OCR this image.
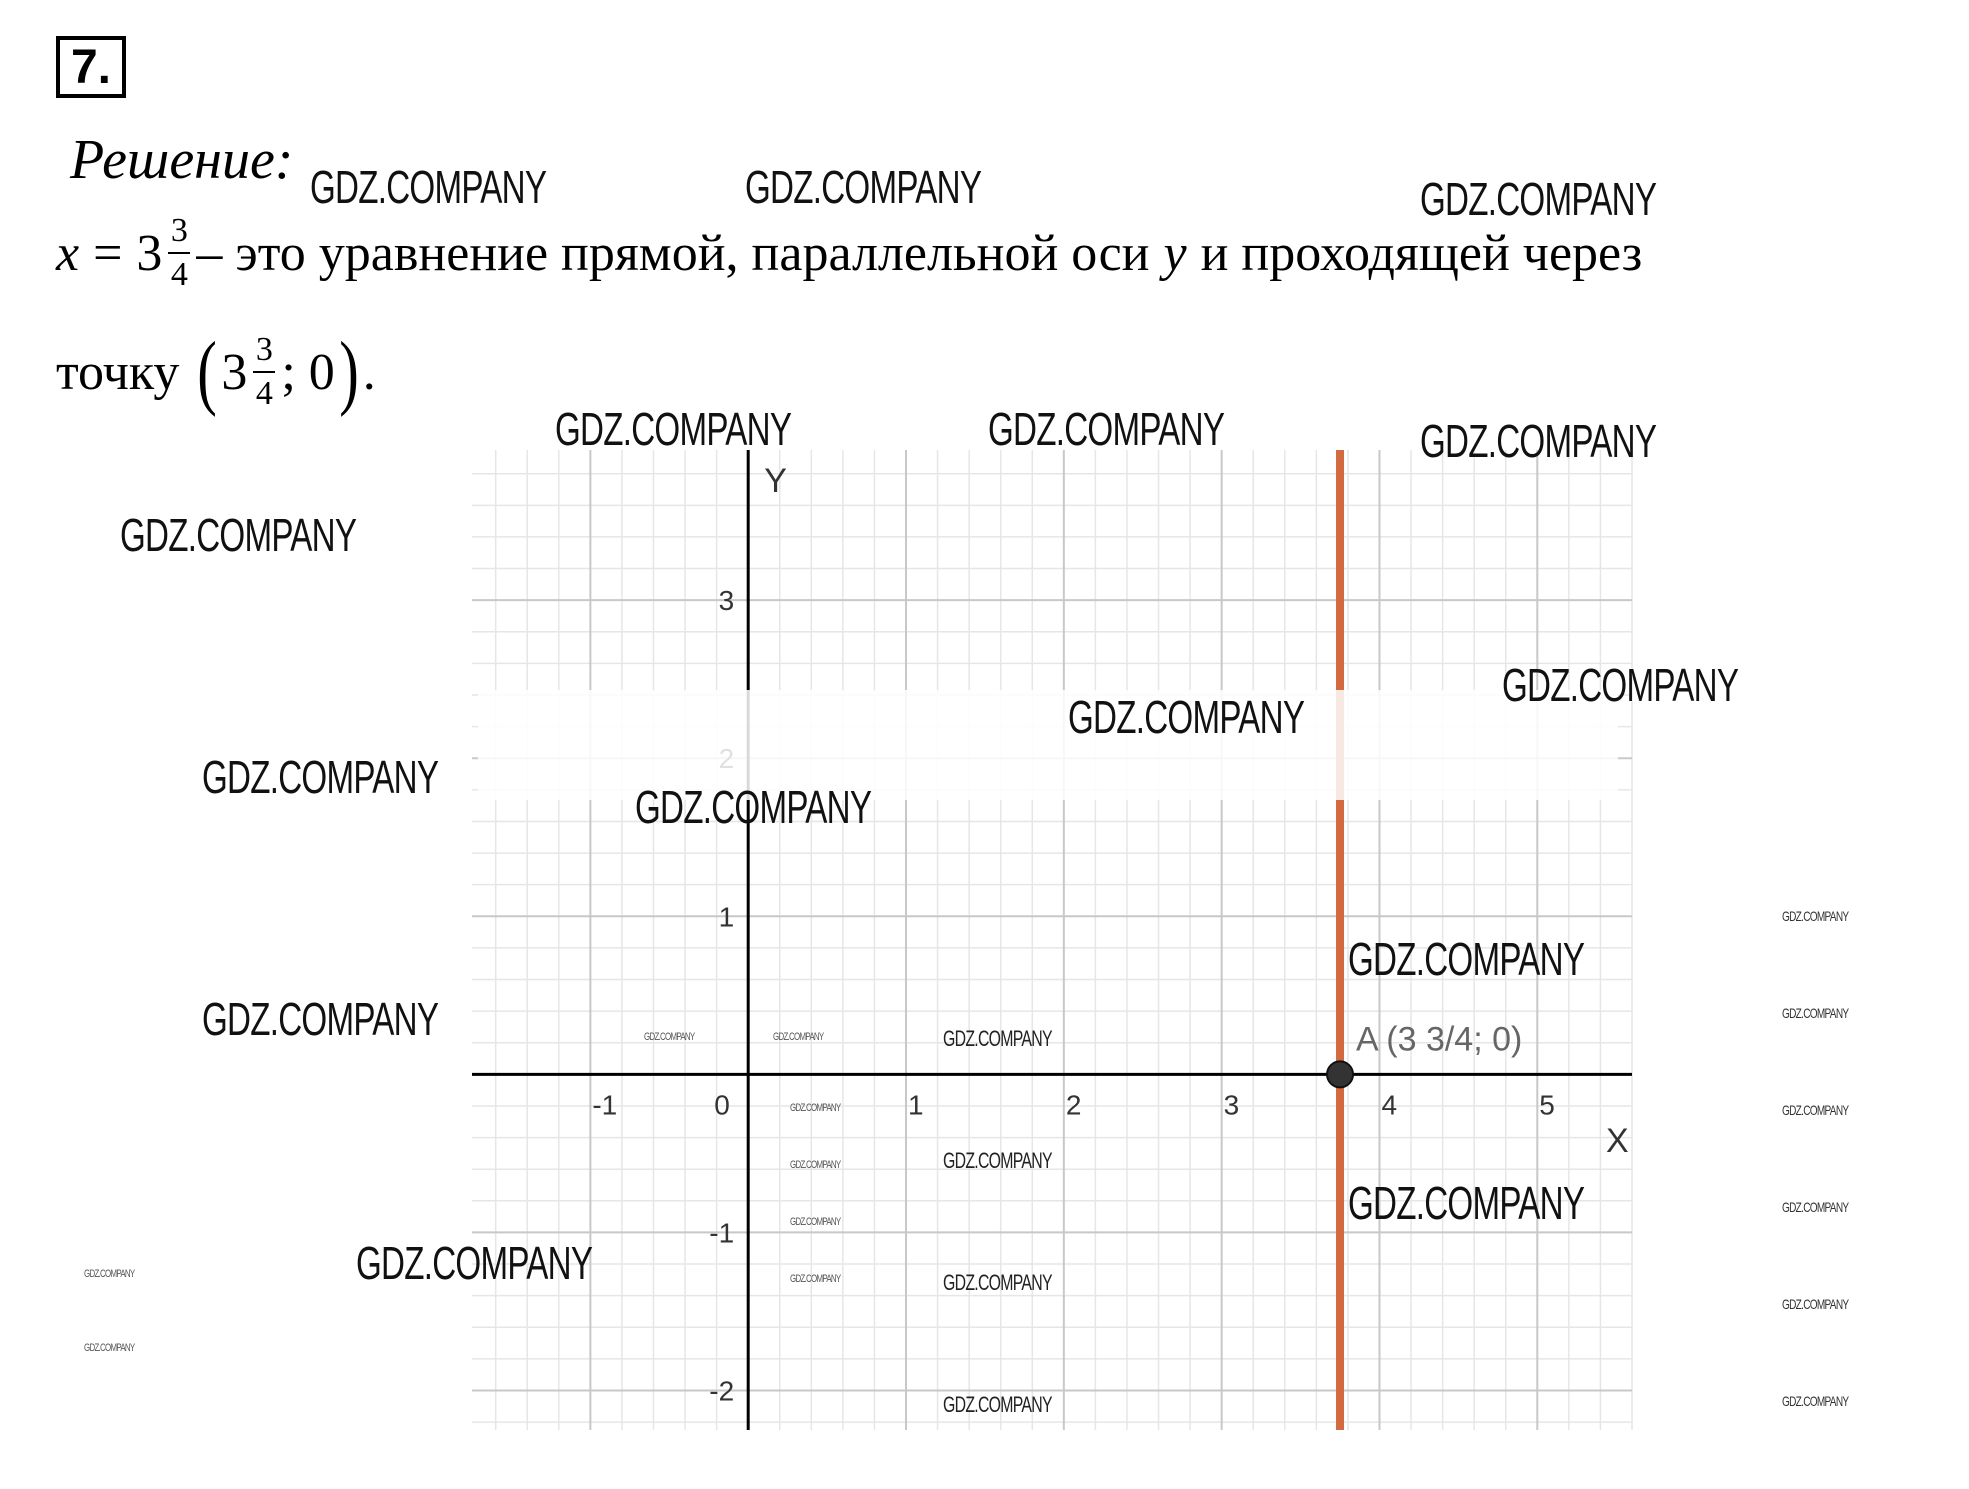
7.
Решение:
$x = 3 \frac{3}{4}$ – это уравнение прямой, параллельной оси y и проходящей через
точку ( $3 \frac{3}{4}$ ; 0 ) .
X
Y
-1	0	1	2	3	4	5
-2
-1
1
3
A (3 3/4; 0)
GDZ.COMPANY	GDZ.COMPANY	GDZ.COMPANY
GDZ.COMPANY	GDZ.COMPANY	GDZ.COMPANY
GDZ.COMPANY
GDZ.COMPANY
GDZ.COMPANY
GDZ.COMPANY
GDZ.COMPANY
GDZ.COMPANY
GDZ.COMPANY
GDZ.COMPANY
GDZ.COMPANY
GDZ.COMPANY
GDZ.COMPANY
GDZ.COMPANY
GDZ.COMPANY
GDZ.COMPANY
GDZ.COMPANY
GDZ.COMPANY
GDZ.COMPANY
GDZ.COMPANY
GDZ.COMPANY
GDZ.COMPANY	GDZ.COMPANY
GDZ.COMPANY
GDZ.COMPANY
GDZ.COMPANY
GDZ.COMPANY
GDZ.COMPANY
GDZ.COMPANY
